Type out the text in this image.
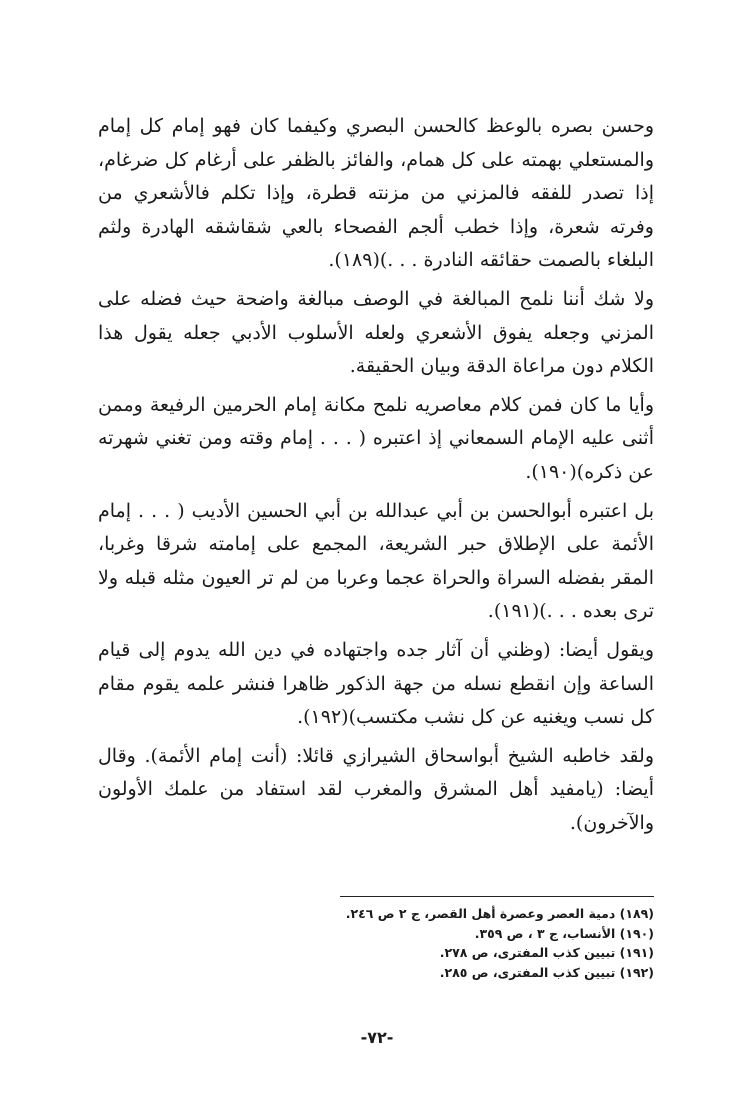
وحسن بصره بالوعظ كالحسن البصري وكيفما كان فهو إمام كل إمام والمستعلي بهمته على كل همام، والفائز بالظفر على أرغام كل ضرغام، إذا تصدر للفقه فالمزني من مزنته قطرة، وإذا تكلم فالأشعري من وفرته شعرة، وإذا خطب ألجم الفصحاء بالعي شقاشقه الهادرة ولثم البلغاء بالصمت حقائقه النادرة . . .)(١٨٩).

ولا شك أننا نلمح المبالغة في الوصف مبالغة واضحة حيث فضله على المزني وجعله يفوق الأشعري ولعله الأسلوب الأدبي جعله يقول هذا الكلام دون مراعاة الدقة وبيان الحقيقة.

وأيا ما كان فمن كلام معاصريه نلمح مكانة إمام الحرمين الرفيعة وممن أثنى عليه الإمام السمعاني إذ اعتبره ( . . . إمام وقته ومن تغني شهرته عن ذكره)(١٩٠).

بل اعتبره أبوالحسن بن أبي عبدالله بن أبي الحسين الأديب ( . . . إمام الأئمة على الإطلاق حبر الشريعة، المجمع على إمامته شرقا وغربا، المقر بفضله السراة والحراة عجما وعربا من لم تر العيون مثله قبله ولا ترى بعده . . .)(١٩١).

ويقول أيضا: (وظني أن آثار جده واجتهاده في دين الله يدوم إلى قيام الساعة وإن انقطع نسله من جهة الذكور ظاهرا فنشر علمه يقوم مقام كل نسب ويغنيه عن كل نشب مكتسب)(١٩٢).

ولقد خاطبه الشيخ أبواسحاق الشيرازي قائلا: (أنت إمام الأئمة). وقال أيضا: (يامفيد أهل المشرق والمغرب لقد استفاد من علمك الأولون والآخرون).

(١٨٩) دمية العصر وعصرة أهل القصر، ج ٢ ص ٢٤٦.
(١٩٠) الأنساب، ج ٣ ، ص ٣٥٩.
(١٩١) تبيين كذب المفترى، ص ٢٧٨.
(١٩٢) تبيين كذب المفترى، ص ٢٨٥.
-٧٢-
